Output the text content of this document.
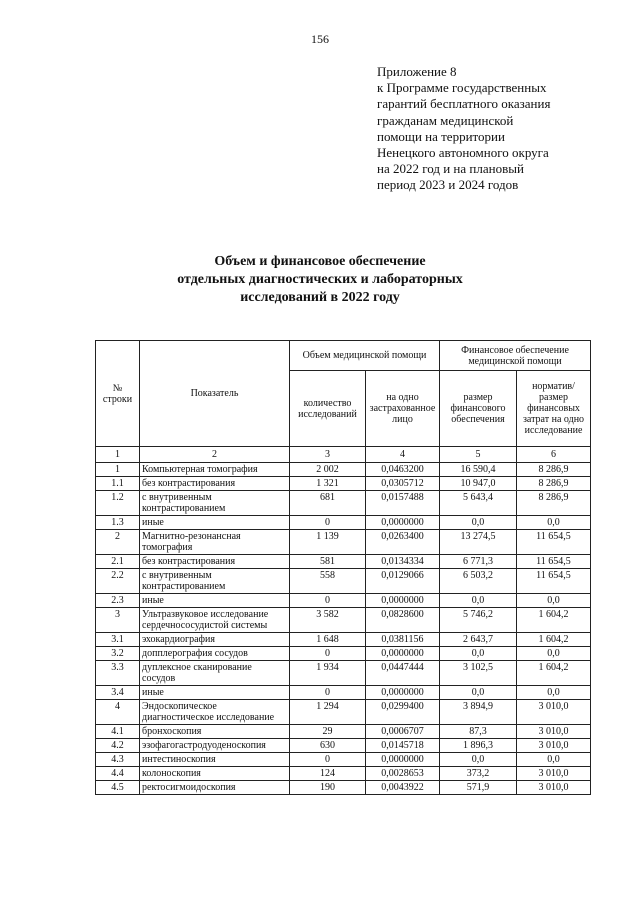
156
Приложение 8
к Программе государственных
гарантий бесплатного оказания
гражданам медицинской
помощи на территории
Ненецкого автономного округа
на 2022 год и на плановый
период 2023 и 2024 годов
Объем и финансовое обеспечение
отдельных диагностических и лабораторных
исследований в 2022 году
№ строки	Показатель	Объем медицинской помощи		Финансовое обеспечение медицинской помощи	
		количество исследований	на одно застрахованное лицо	размер финансового обеспечения	норматив/ размер финансовых затрат на одно исследование
1	2	3	4	5	6
1	Компьютерная томография	2 002	0,0463200	16 590,4	8 286,9
1.1	без контрастирования	1 321	0,0305712	10 947,0	8 286,9
1.2	с внутривенным контрастированием	681	0,0157488	5 643,4	8 286,9
1.3	иные	0	0,0000000	0,0	0,0
2	Магнитно-резонансная томография	1 139	0,0263400	13 274,5	11 654,5
2.1	без контрастирования	581	0,0134334	6 771,3	11 654,5
2.2	с внутривенным контрастированием	558	0,0129066	6 503,2	11 654,5
2.3	иные	0	0,0000000	0,0	0,0
3	Ультразвуковое исследование сердечнососудистой системы	3 582	0,0828600	5 746,2	1 604,2
3.1	эхокардиография	1 648	0,0381156	2 643,7	1 604,2
3.2	допплерография сосудов	0	0,0000000	0,0	0,0
3.3	дуплексное сканирование сосудов	1 934	0,0447444	3 102,5	1 604,2
3.4	иные	0	0,0000000	0,0	0,0
4	Эндоскопическое диагностическое исследование	1 294	0,0299400	3 894,9	3 010,0
4.1	бронхоскопия	29	0,0006707	87,3	3 010,0
4.2	эзофагогастродуоденоскопия	630	0,0145718	1 896,3	3 010,0
4.3	интестиноскопия	0	0,0000000	0,0	0,0
4.4	колоноскопия	124	0,0028653	373,2	3 010,0
4.5	ректосигмоидоскопия	190	0,0043922	571,9	3 010,0
